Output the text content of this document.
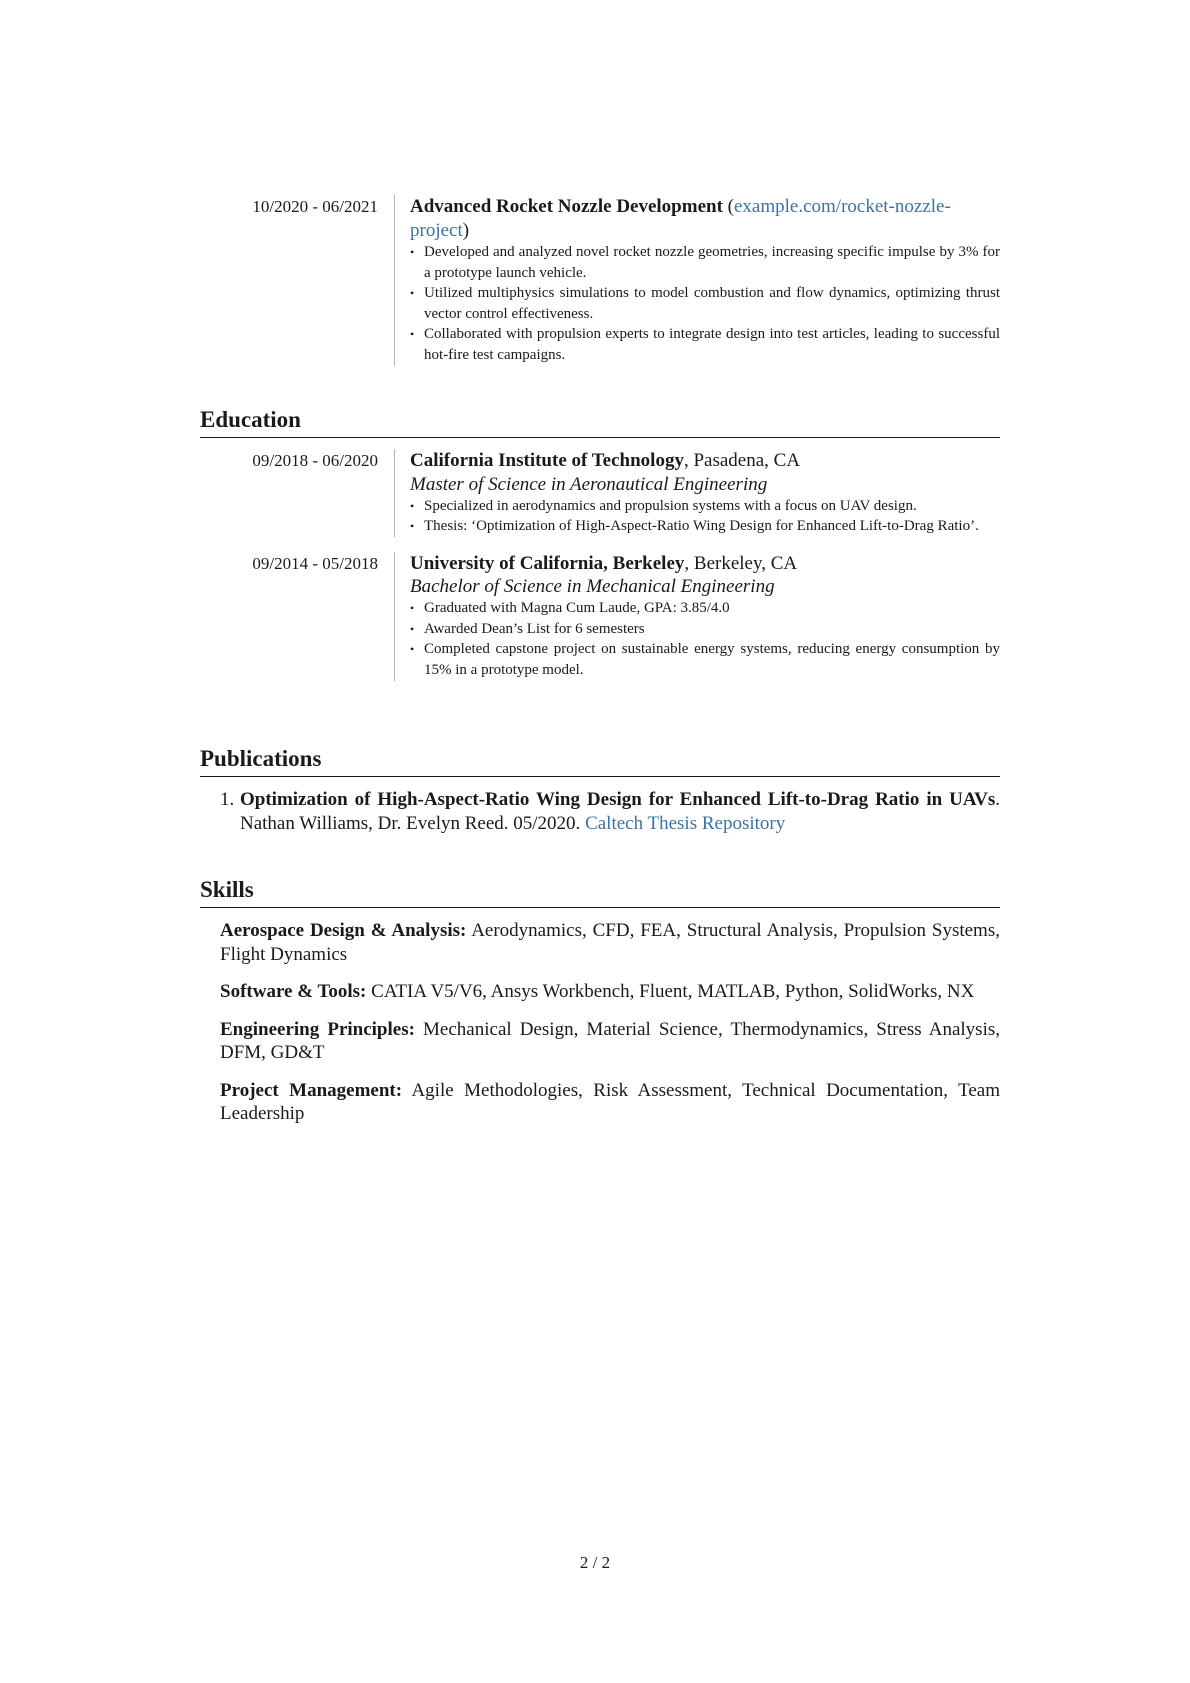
10/2020 - 06/2021	Advanced Rocket Nozzle Development (example.com/rocket-nozzle-project)
• Developed and analyzed novel rocket nozzle geometries, increasing specific impulse by 3% for a prototype launch vehicle.
• Utilized multiphysics simulations to model combustion and flow dynamics, optimizing thrust vector control effectiveness.
• Collaborated with propulsion experts to integrate design into test articles, leading to successful hot-fire test campaigns.
Education
09/2018 - 06/2020	California Institute of Technology, Pasadena, CA
Master of Science in Aeronautical Engineering
• Specialized in aerodynamics and propulsion systems with a focus on UAV design.
• Thesis: ‘Optimization of High-Aspect-Ratio Wing Design for Enhanced Lift-to-Drag Ratio’.
09/2014 - 05/2018	University of California, Berkeley, Berkeley, CA
Bachelor of Science in Mechanical Engineering
• Graduated with Magna Cum Laude, GPA: 3.85/4.0
• Awarded Dean’s List for 6 semesters
• Completed capstone project on sustainable energy systems, reducing energy consumption by 15% in a prototype model.
Publications
1. Optimization of High-Aspect-Ratio Wing Design for Enhanced Lift-to-Drag Ratio in UAVs. Nathan Williams, Dr. Evelyn Reed. 05/2020. Caltech Thesis Repository
Skills

Aerospace Design & Analysis: Aerodynamics, CFD, FEA, Structural Analysis, Propulsion Systems, Flight Dynamics

Software & Tools: CATIA V5/V6, Ansys Workbench, Fluent, MATLAB, Python, SolidWorks, NX

Engineering Principles: Mechanical Design, Material Science, Thermodynamics, Stress Analysis, DFM, GD&T

Project Management: Agile Methodologies, Risk Assessment, Technical Documentation, Team Leadership

2 / 2
